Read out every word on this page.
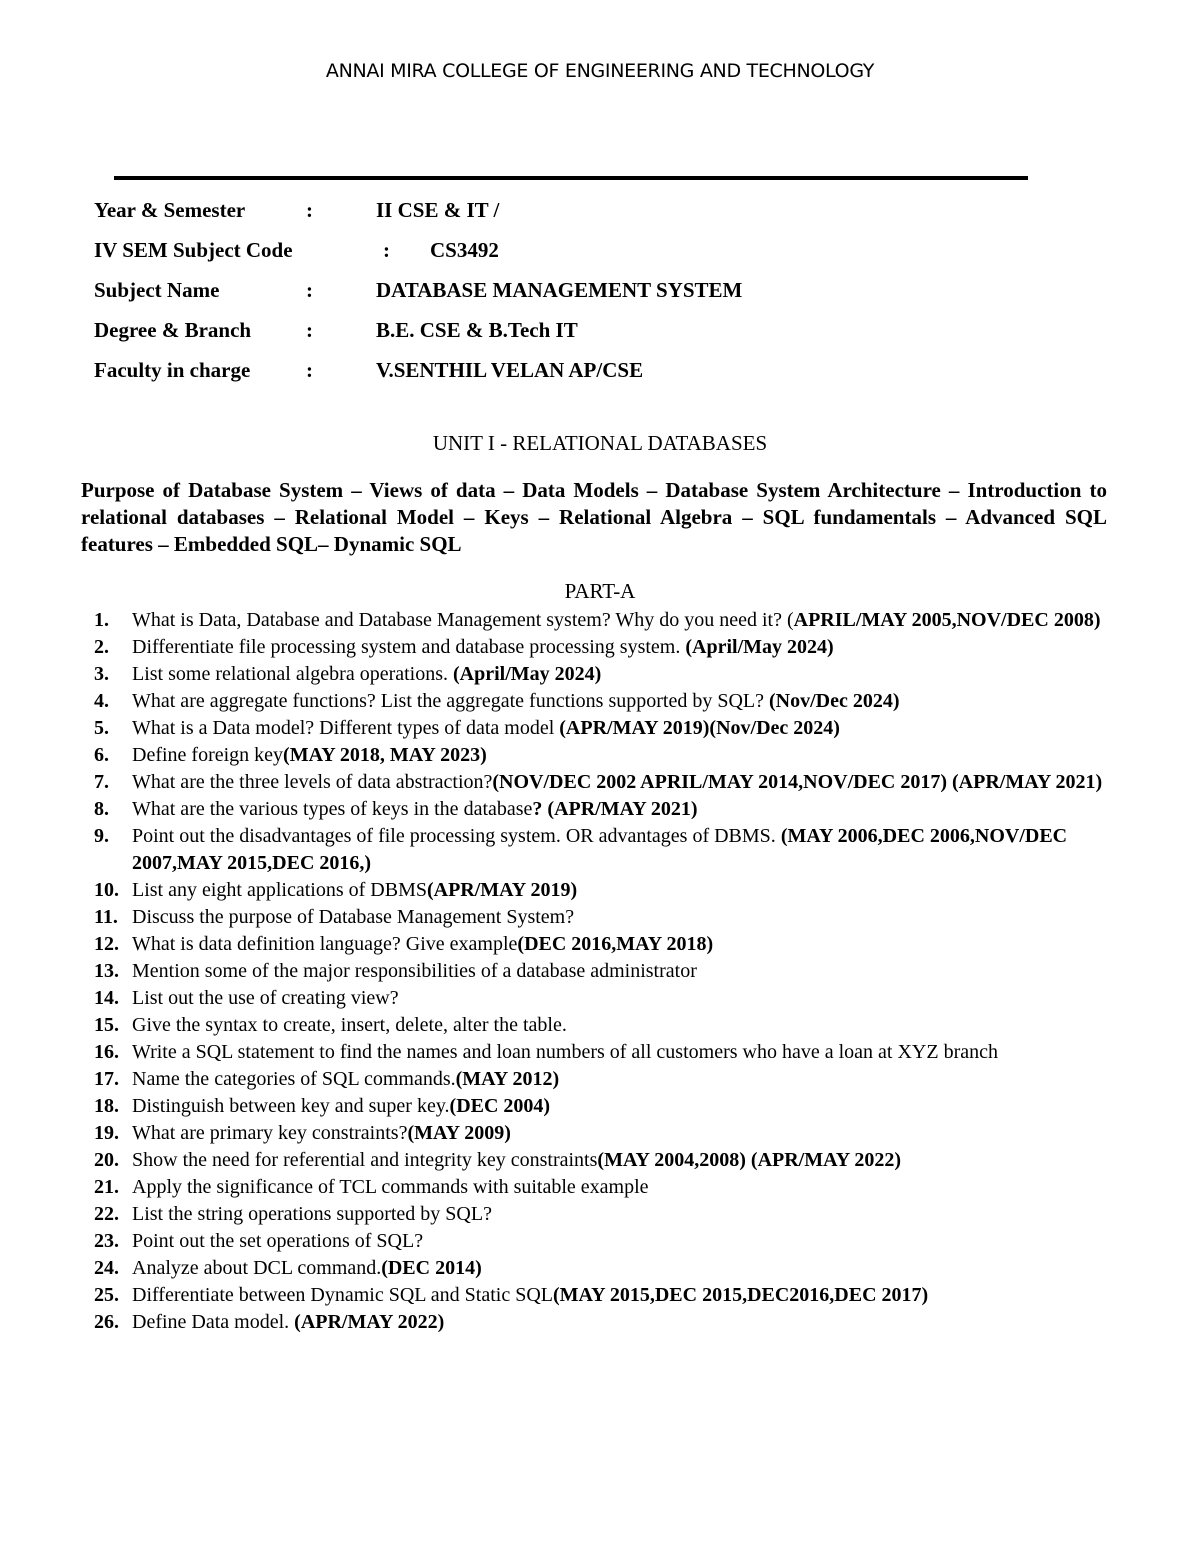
ANNAI MIRA COLLEGE OF ENGINEERING AND TECHNOLOGY
Year & Semester	:	II CSE & IT /
IV SEM Subject Code	: CS3492
Subject Name	:	DATABASE MANAGEMENT SYSTEM
Degree & Branch	:	B.E. CSE & B.Tech IT
Faculty in charge	:	V.SENTHIL VELAN AP/CSE
UNIT I - RELATIONAL DATABASES
Purpose of Database System – Views of data – Data Models – Database System Architecture – Introduction to relational databases – Relational Model – Keys – Relational Algebra – SQL fundamentals – Advanced SQL features – Embedded SQL– Dynamic SQL
PART-A
1.	What is Data, Database and Database Management system? Why do you need it? (APRIL/MAY 2005,NOV/DEC 2008)
2.	Differentiate file processing system and database processing system. (April/May 2024)
3.	List some relational algebra operations. (April/May 2024)
4.	What are aggregate functions? List the aggregate functions supported by SQL? (Nov/Dec 2024)
5.	What is a Data model? Different types of data model (APR/MAY 2019)(Nov/Dec 2024)
6.	Define foreign key(MAY 2018, MAY 2023)
7.	What are the three levels of data abstraction?(NOV/DEC 2002 APRIL/MAY 2014,NOV/DEC 2017) (APR/MAY 2021)
8.	What are the various types of keys in the database? (APR/MAY 2021)
9.	Point out the disadvantages of file processing system. OR advantages of DBMS. (MAY 2006,DEC 2006,NOV/DEC 2007,MAY 2015,DEC 2016,)
10. List any eight applications of DBMS(APR/MAY 2019)
11. Discuss the purpose of Database Management System?
12. What is data definition language? Give example(DEC 2016,MAY 2018)
13. Mention some of the major responsibilities of a database administrator
14. List out the use of creating view?
15. Give the syntax to create, insert, delete, alter the table.
16. Write a SQL statement to find the names and loan numbers of all customers who have a loan at XYZ branch
17. Name the categories of SQL commands.(MAY 2012)
18. Distinguish between key and super key.(DEC 2004)
19. What are primary key constraints?(MAY 2009)
20. Show the need for referential and integrity key constraints(MAY 2004,2008) (APR/MAY 2022)
21. Apply the significance of TCL commands with suitable example
22. List the string operations supported by SQL?
23. Point out the set operations of SQL?
24. Analyze about DCL command.(DEC 2014)
25. Differentiate between Dynamic SQL and Static SQL(MAY 2015,DEC 2015,DEC2016,DEC 2017)
26. Define Data model. (APR/MAY 2022)
